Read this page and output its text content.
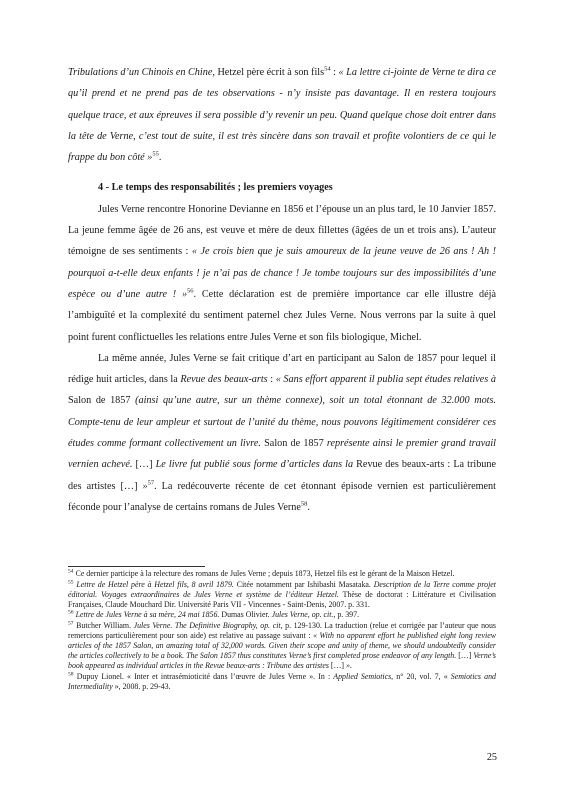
Tribulations d’un Chinois en Chine, Hetzel père écrit à son fils$^{54}$ : « La lettre ci-jointe de Verne te dira ce qu’il prend et ne prend pas de tes observations - n’y insiste pas davantage. Il en restera toujours quelque trace, et aux épreuves il sera possible d’y revenir un peu. Quand quelque chose doit entrer dans la tête de Verne, c’est tout de suite, il est très sincère dans son travail et profite volontiers de ce qui le frappe du bon côté »$^{55}$.

4 - Le temps des responsabilités ; les premiers voyages

Jules Verne rencontre Honorine Devianne en 1856 et l’épouse un an plus tard, le 10 Janvier 1857. La jeune femme âgée de 26 ans, est veuve et mère de deux fillettes (âgées de un et trois ans). L’auteur témoigne de ses sentiments : « Je crois bien que je suis amoureux de la jeune veuve de 26 ans ! Ah ! pourquoi a-t-elle deux enfants ! je n’ai pas de chance ! Je tombe toujours sur des impossibilités d’une espèce ou d’une autre ! »$^{56}$. Cette déclaration est de première importance car elle illustre déjà l’ambiguïté et la complexité du sentiment paternel chez Jules Verne. Nous verrons par la suite à quel point furent conflictuelles les relations entre Jules Verne et son fils biologique, Michel.

La même année, Jules Verne se fait critique d’art en participant au Salon de 1857 pour lequel il rédige huit articles, dans la Revue des beaux-arts : « Sans effort apparent il publia sept études relatives à Salon de 1857 (ainsi qu’une autre, sur un thème connexe), soit un total étonnant de 32.000 mots. Compte-tenu de leur ampleur et surtout de l’unité du thème, nous pouvons légitimement considérer ces études comme formant collectivement un livre. Salon de 1857 représente ainsi le premier grand travail vernien achevé. […] Le livre fut publié sous forme d’articles dans la Revue des beaux-arts : La tribune des artistes […] »$^{57}$. La redécouverte récente de cet étonnant épisode vernien est particulièrement féconde pour l’analyse de certains romans de Jules Verne$^{58}$.

$^{54}$ Ce dernier participe à la relecture des romans de Jules Verne ; depuis 1873, Hetzel fils est le gérant de la Maison Hetzel.

$^{55}$ Lettre de Hetzel père à Hetzel fils, 8 avril 1879. Citée notamment par Ishibashi Masataka. Description de la Terre comme projet éditorial. Voyages extraordinaires de Jules Verne et système de l’éditeur Hetzel. Thèse de doctorat : Littérature et Civilisation Françaises, Claude Mouchard Dir. Université Paris VII - Vincennes - Saint-Denis, 2007. p. 331.

$^{56}$ Lettre de Jules Verne à sa mère, 24 mai 1856. Dumas Olivier. Jules Verne, op. cit., p. 397.

$^{57}$ Butcher William. Jules Verne. The Definitive Biography, op. cit, p. 129-130. La traduction (relue et corrigée par l’auteur que nous remercions particulièrement pour son aide) est relative au passage suivant : « With no apparent effort he published eight long review articles of the 1857 Salon, an amazing total of 32,000 words. Given their scope and unity of theme, we should undoubtedly consider the articles collectively to be a book. The Salon 1857 thus constitutes Verne’s first completed prose endeavor of any length. […] Verne’s book appeared as individual articles in the Revue beaux-arts : Tribune des artistes […] ».

$^{58}$ Dupuy Lionel. « Inter et intrasémioticité dans l’œuvre de Jules Verne ». In : Applied Semiotics, n° 20, vol. 7, « Semiotics and Intermediality », 2008. p. 29-43.

25
